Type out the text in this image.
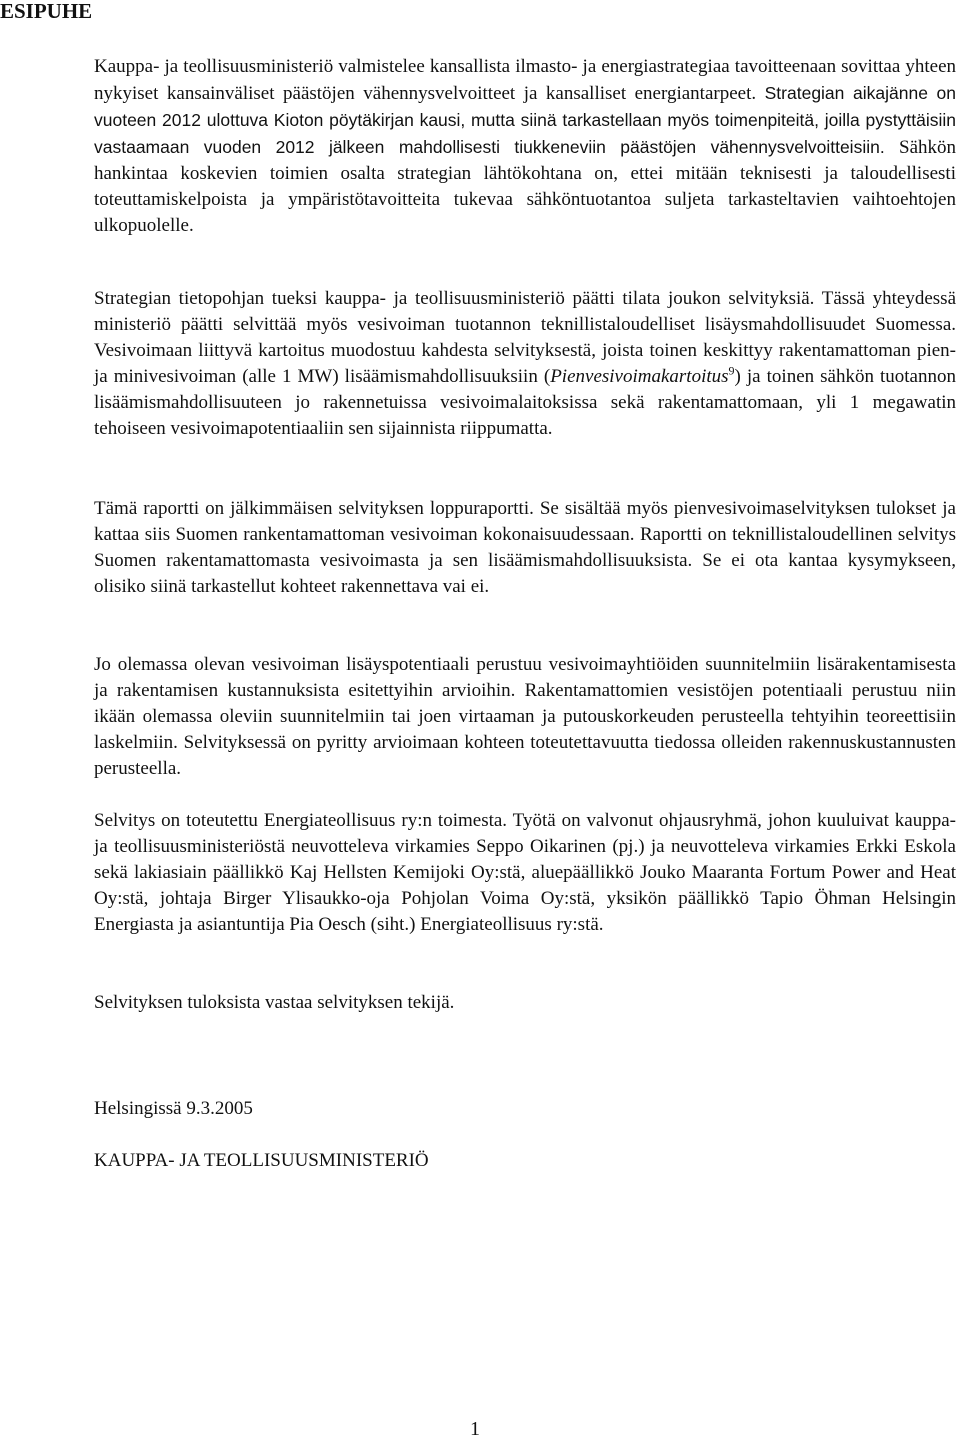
ESIPUHE

Kauppa- ja teollisuusministeriö valmistelee kansallista ilmasto- ja energiastrategiaa tavoitteenaan sovittaa yhteen nykyiset kansainväliset päästöjen vähennysvelvoitteet ja kansalliset energiantarpeet. Strategian aikajänne on vuoteen 2012 ulottuva Kioton pöytäkirjan kausi, mutta siinä tarkastellaan myös toimenpiteitä, joilla pystyttäisiin vastaamaan vuoden 2012 jälkeen mahdollisesti tiukkeneviin päästöjen vähennysvelvoitteisiin. Sähkön hankintaa koskevien toimien osalta strategian lähtökohtana on, ettei mitään teknisesti ja taloudellisesti toteuttamiskelpoista ja ympäristötavoitteita tukevaa sähköntuotantoa suljeta tarkasteltavien vaihtoehtojen ulkopuolelle.

Strategian tietopohjan tueksi kauppa- ja teollisuusministeriö päätti tilata joukon selvityksiä. Tässä yhteydessä ministeriö päätti selvittää myös vesivoiman tuotannon teknillistaloudelliset lisäysmahdollisuudet Suomessa. Vesivoimaan liittyvä kartoitus muodostuu kahdesta selvityksestä, joista toinen keskittyy rakentamattoman pien- ja minivesivoiman (alle 1 MW) lisäämismahdollisuuksiin (Pienvesivoimakartoitus$^9$) ja toinen sähkön tuotannon lisäämismahdollisuuteen jo rakennetuissa vesivoimalaitoksissa sekä rakentamattomaan, yli 1 megawatin tehoiseen vesivoimapotentiaaliin sen sijainnista riippumatta.

Tämä raportti on jälkimmäisen selvityksen loppuraportti. Se sisältää myös pienvesivoimaselvityksen tulokset ja kattaa siis Suomen rankentamattoman vesivoiman kokonaisuudessaan. Raportti on teknillistaloudellinen selvitys Suomen rakentamattomasta vesivoimasta ja sen lisäämismahdollisuuksista. Se ei ota kantaa kysymykseen, olisiko siinä tarkastellut kohteet rakennettava vai ei.

Jo olemassa olevan vesivoiman lisäyspotentiaali perustuu vesivoimayhtiöiden suunnitelmiin lisärakentamisesta ja rakentamisen kustannuksista esitettyihin arvioihin. Rakentamattomien vesistöjen potentiaali perustuu niin ikään olemassa oleviin suunnitelmiin tai joen virtaaman ja putouskorkeuden perusteella tehtyihin teoreettisiin laskelmiin. Selvityksessä on pyritty arvioimaan kohteen toteutettavuutta tiedossa olleiden rakennuskustannusten perusteella.

Selvitys on toteutettu Energiateollisuus ry:n toimesta. Työtä on valvonut ohjausryhmä, johon kuuluivat kauppa- ja teollisuusministeriöstä neuvotteleva virkamies Seppo Oikarinen (pj.) ja neuvotteleva virkamies Erkki Eskola sekä lakiasiain päällikkö Kaj Hellsten Kemijoki Oy:stä, aluepäällikkö Jouko Maaranta Fortum Power and Heat Oy:stä, johtaja Birger Ylisaukko-oja Pohjolan Voima Oy:stä, yksikön päällikkö Tapio Öhman Helsingin Energiasta ja asiantuntija Pia Oesch (siht.) Energiateollisuus ry:stä.

Selvityksen tuloksista vastaa selvityksen tekijä.

Helsingissä 9.3.2005

KAUPPA- JA TEOLLISUUSMINISTERIÖ

1
